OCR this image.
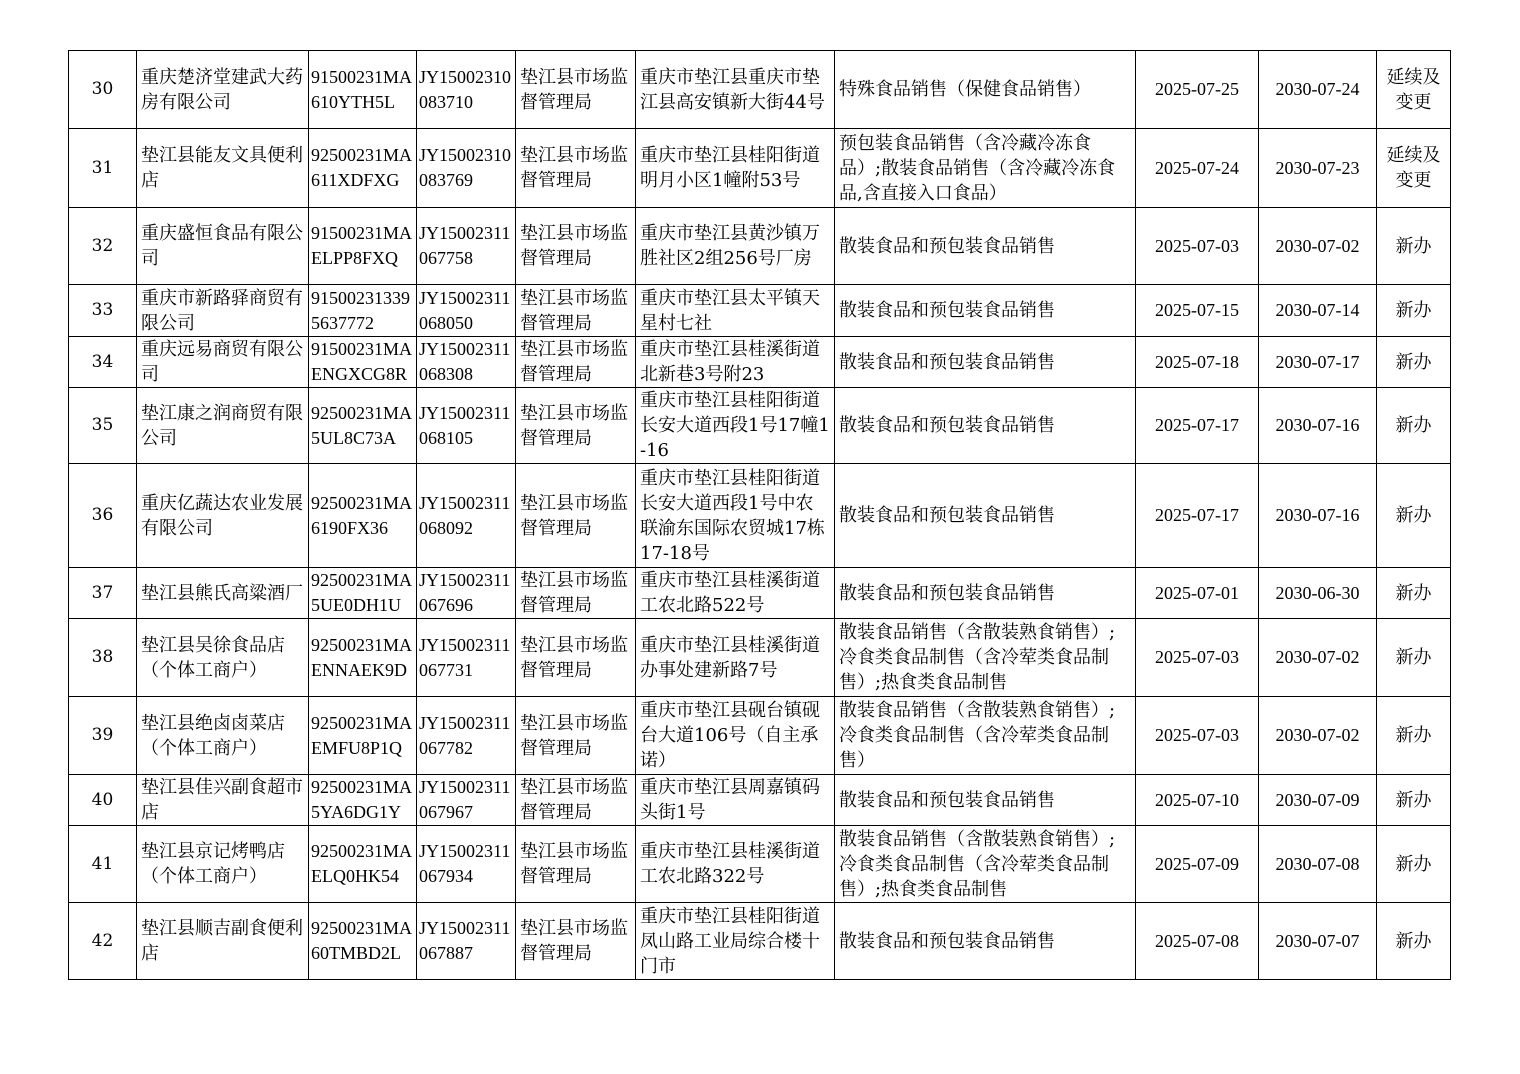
30	重庆楚济堂建武大药房有限公司	91500231MA610YTH5L	JY15002310083710	垫江县市场监督管理局	重庆市垫江县重庆市垫江县高安镇新大街44号	特殊食品销售（保健食品销售）	2025-07-25	2030-07-24	延续及变更

31	垫江县能友文具便利店	92500231MA611XDFXG	JY15002310083769	垫江县市场监督管理局	重庆市垫江县桂阳街道明月小区1幢附53号	预包装食品销售（含冷藏冷冻食品）;散装食品销售（含冷藏冷冻食品,含直接入口食品）	2025-07-24	2030-07-23	延续及变更

32	重庆盛恒食品有限公司	91500231MAELPP8FXQ	JY15002311067758	垫江县市场监督管理局	重庆市垫江县黄沙镇万胜社区2组256号厂房	散装食品和预包装食品销售	2025-07-03	2030-07-02	新办

33	重庆市新路驿商贸有限公司	915002313395637772	JY15002311068050	垫江县市场监督管理局	重庆市垫江县太平镇天星村七社	散装食品和预包装食品销售	2025-07-15	2030-07-14	新办

34	重庆远易商贸有限公司	91500231MAENGXCG8R	JY15002311068308	垫江县市场监督管理局	重庆市垫江县桂溪街道北新巷3号附23	散装食品和预包装食品销售	2025-07-18	2030-07-17	新办

35	垫江康之润商贸有限公司	92500231MA5UL8C73A	JY15002311068105	垫江县市场监督管理局	重庆市垫江县桂阳街道长安大道西段1号17幢1-16	散装食品和预包装食品销售	2025-07-17	2030-07-16	新办

36	重庆亿蔬达农业发展有限公司	92500231MA6190FX36	JY15002311068092	垫江县市场监督管理局	重庆市垫江县桂阳街道长安大道西段1号中农联渝东国际农贸城17栋17-18号	散装食品和预包装食品销售	2025-07-17	2030-07-16	新办

37	垫江县熊氏高粱酒厂	92500231MA5UE0DH1U	JY15002311067696	垫江县市场监督管理局	重庆市垫江县桂溪街道工农北路522号	散装食品和预包装食品销售	2025-07-01	2030-06-30	新办

38	垫江县吴徐食品店（个体工商户）	92500231MAENNAEK9D	JY15002311067731	垫江县市场监督管理局	重庆市垫江县桂溪街道办事处建新路7号	散装食品销售（含散装熟食销售）;冷食类食品制售（含冷荤类食品制售）;热食类食品制售	2025-07-03	2030-07-02	新办

39	垫江县绝卤卤菜店（个体工商户）	92500231MAEMFU8P1Q	JY15002311067782	垫江县市场监督管理局	重庆市垫江县砚台镇砚台大道106号（自主承诺）	散装食品销售（含散装熟食销售）;冷食类食品制售（含冷荤类食品制售）	2025-07-03	2030-07-02	新办

40	垫江县佳兴副食超市店	92500231MA5YA6DG1Y	JY15002311067967	垫江县市场监督管理局	重庆市垫江县周嘉镇码头街1号	散装食品和预包装食品销售	2025-07-10	2030-07-09	新办

41	垫江县京记烤鸭店（个体工商户）	92500231MAELQ0HK54	JY15002311067934	垫江县市场监督管理局	重庆市垫江县桂溪街道工农北路322号	散装食品销售（含散装熟食销售）;冷食类食品制售（含冷荤类食品制售）;热食类食品制售	2025-07-09	2030-07-08	新办

42	垫江县顺吉副食便利店	92500231MA60TMBD2L	JY15002311067887	垫江县市场监督管理局	重庆市垫江县桂阳街道凤山路工业局综合楼十门市	散装食品和预包装食品销售	2025-07-08	2030-07-07	新办
